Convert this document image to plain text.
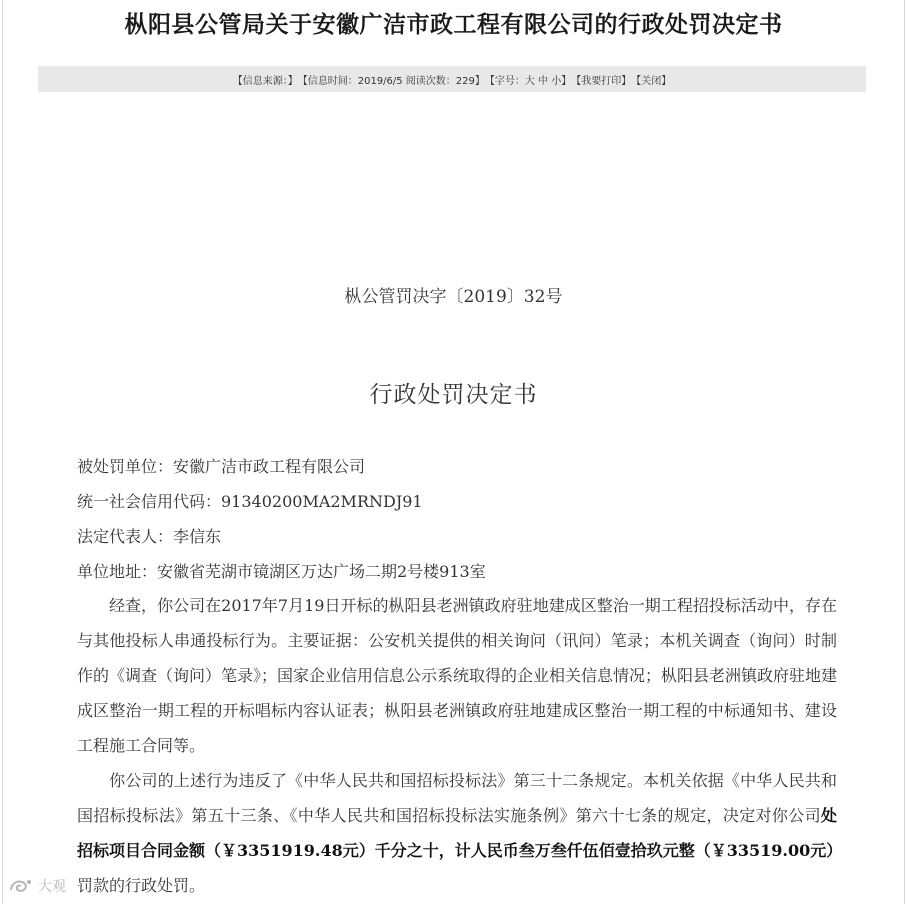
枞阳县公管局关于安徽广洁市政工程有限公司的行政处罚决定书
【信息来源：】 【信息时间：2019/6/5 阅读次数：229】 【字号： 大
中
小】 【我要打印】 【关闭】
枞公管罚决字〔2019〕32号
行政处罚决定书
被处罚单位：安徽广洁市政工程有限公司
统一社会信用代码：91340200MA2MRNDJ91
法定代表人：李信东
单位地址：安徽省芜湖市镜湖区万达广场二期2号楼913室
经查，你公司在2017年7月19日开标的枞阳县老洲镇政府驻地建成区整治一期工程招投标活动中，存在与其他投标人串通投标行为。主要证据：公安机关提供的相关询问（讯问）笔录；本机关调查（询问）时制作的《调查（询问）笔录》；国家企业信用信息公示系统取得的企业相关信息情况；枞阳县老洲镇政府驻地建成区整治一期工程的开标唱标内容认证表；枞阳县老洲镇政府驻地建成区整治一期工程的中标通知书、建设工程施工合同等。
你公司的上述行为违反了《中华人民共和国招标投标法》第三十二条规定。本机关依据《中华人民共和国招标投标法》第五十三条、《中华人民共和国招标投标法实施条例》第六十七条的规定，决定对你公司处招标项目合同金额（￥3351919.48元）千分之十，计人民币叁万叁仟伍佰壹拾玖元整（￥33519.00元）罚款的行政处罚。
大观
